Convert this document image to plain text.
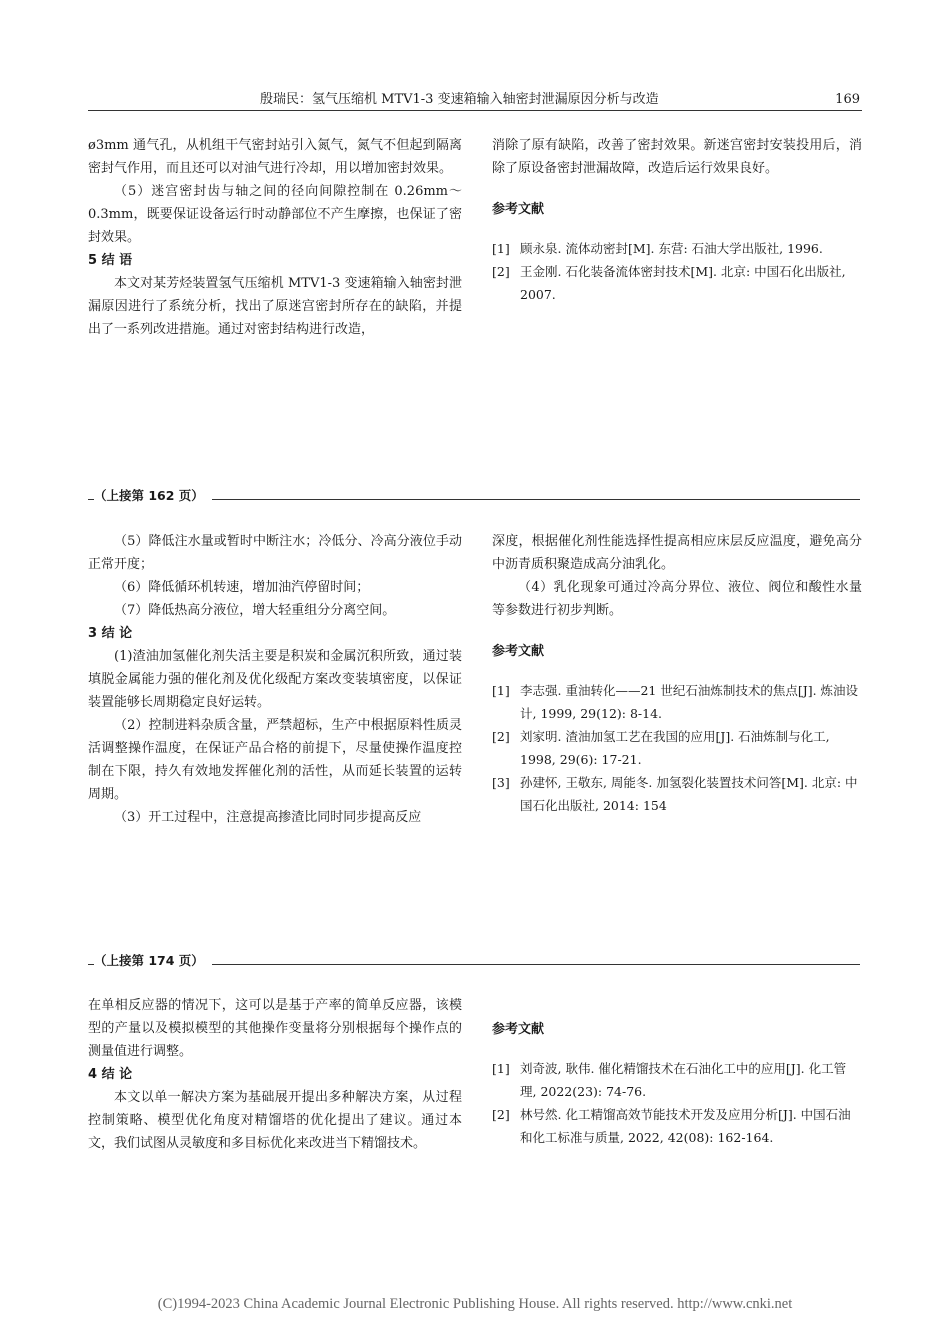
殷瑞民：氢气压缩机 MTV1-3 变速箱输入轴密封泄漏原因分析与改造	169

ø3mm 通气孔，从机组干气密封站引入氮气，氮气不但起到隔离密封气作用，而且还可以对油气进行冷却，用以增加密封效果。

（5）迷宫密封齿与轴之间的径向间隙控制在 0.26mm～0.3mm，既要保证设备运行时动静部位不产生摩擦，也保证了密封效果。

5 结 语

本文对某芳烃装置氢气压缩机 MTV1-3 变速箱输入轴密封泄漏原因进行了系统分析，找出了原迷宫密封所存在的缺陷，并提出了一系列改进措施。通过对密封结构进行改造，

消除了原有缺陷，改善了密封效果。新迷宫密封安装投用后，消除了原设备密封泄漏故障，改造后运行效果良好。

参考文献

[1] 顾永泉. 流体动密封[M]. 东营: 石油大学出版社, 1996.
[2] 王金刚. 石化装备流体密封技术[M]. 北京: 中国石化出版社, 2007.
（上接第 162 页）

（5）降低注水量或暂时中断注水；冷低分、冷高分液位手动正常开度；

（6）降低循环机转速，增加油汽停留时间；

（7）降低热高分液位，增大轻重组分分离空间。

3 结 论

(1)渣油加氢催化剂失活主要是积炭和金属沉积所致，通过装填脱金属能力强的催化剂及优化级配方案改变装填密度，以保证装置能够长周期稳定良好运转。

（2）控制进料杂质含量，严禁超标，生产中根据原料性质灵活调整操作温度，在保证产品合格的前提下，尽量使操作温度控制在下限，持久有效地发挥催化剂的活性，从而延长装置的运转周期。

（3）开工过程中，注意提高掺渣比同时同步提高反应

深度，根据催化剂性能选择性提高相应床层反应温度，避免高分中沥青质积聚造成高分油乳化。

（4）乳化现象可通过冷高分界位、液位、阀位和酸性水量等参数进行初步判断。

参考文献

[1] 李志强. 重油转化——21 世纪石油炼制技术的焦点[J]. 炼油设计, 1999, 29(12): 8-14.
[2] 刘家明. 渣油加氢工艺在我国的应用[J]. 石油炼制与化工, 1998, 29(6): 17-21.
[3] 孙建怀, 王敬东, 周能冬. 加氢裂化装置技术问答[M]. 北京: 中国石化出版社, 2014: 154
（上接第 174 页）

在单相反应器的情况下，这可以是基于产率的简单反应器，该模型的产量以及模拟模型的其他操作变量将分别根据每个操作点的测量值进行调整。

4 结 论

本文以单一解决方案为基础展开提出多种解决方案，从过程控制策略、模型优化角度对精馏塔的优化提出了建议。通过本文，我们试图从灵敏度和多目标优化来改进当下精馏技术。

参考文献

[1] 刘奇波, 耿伟. 催化精馏技术在石油化工中的应用[J]. 化工管理, 2022(23): 74-76.
[2] 林号然. 化工精馏高效节能技术开发及应用分析[J]. 中国石油和化工标准与质量, 2022, 42(08): 162-164.
(C)1994-2023 China Academic Journal Electronic Publishing House. All rights reserved. http://www.cnki.net
